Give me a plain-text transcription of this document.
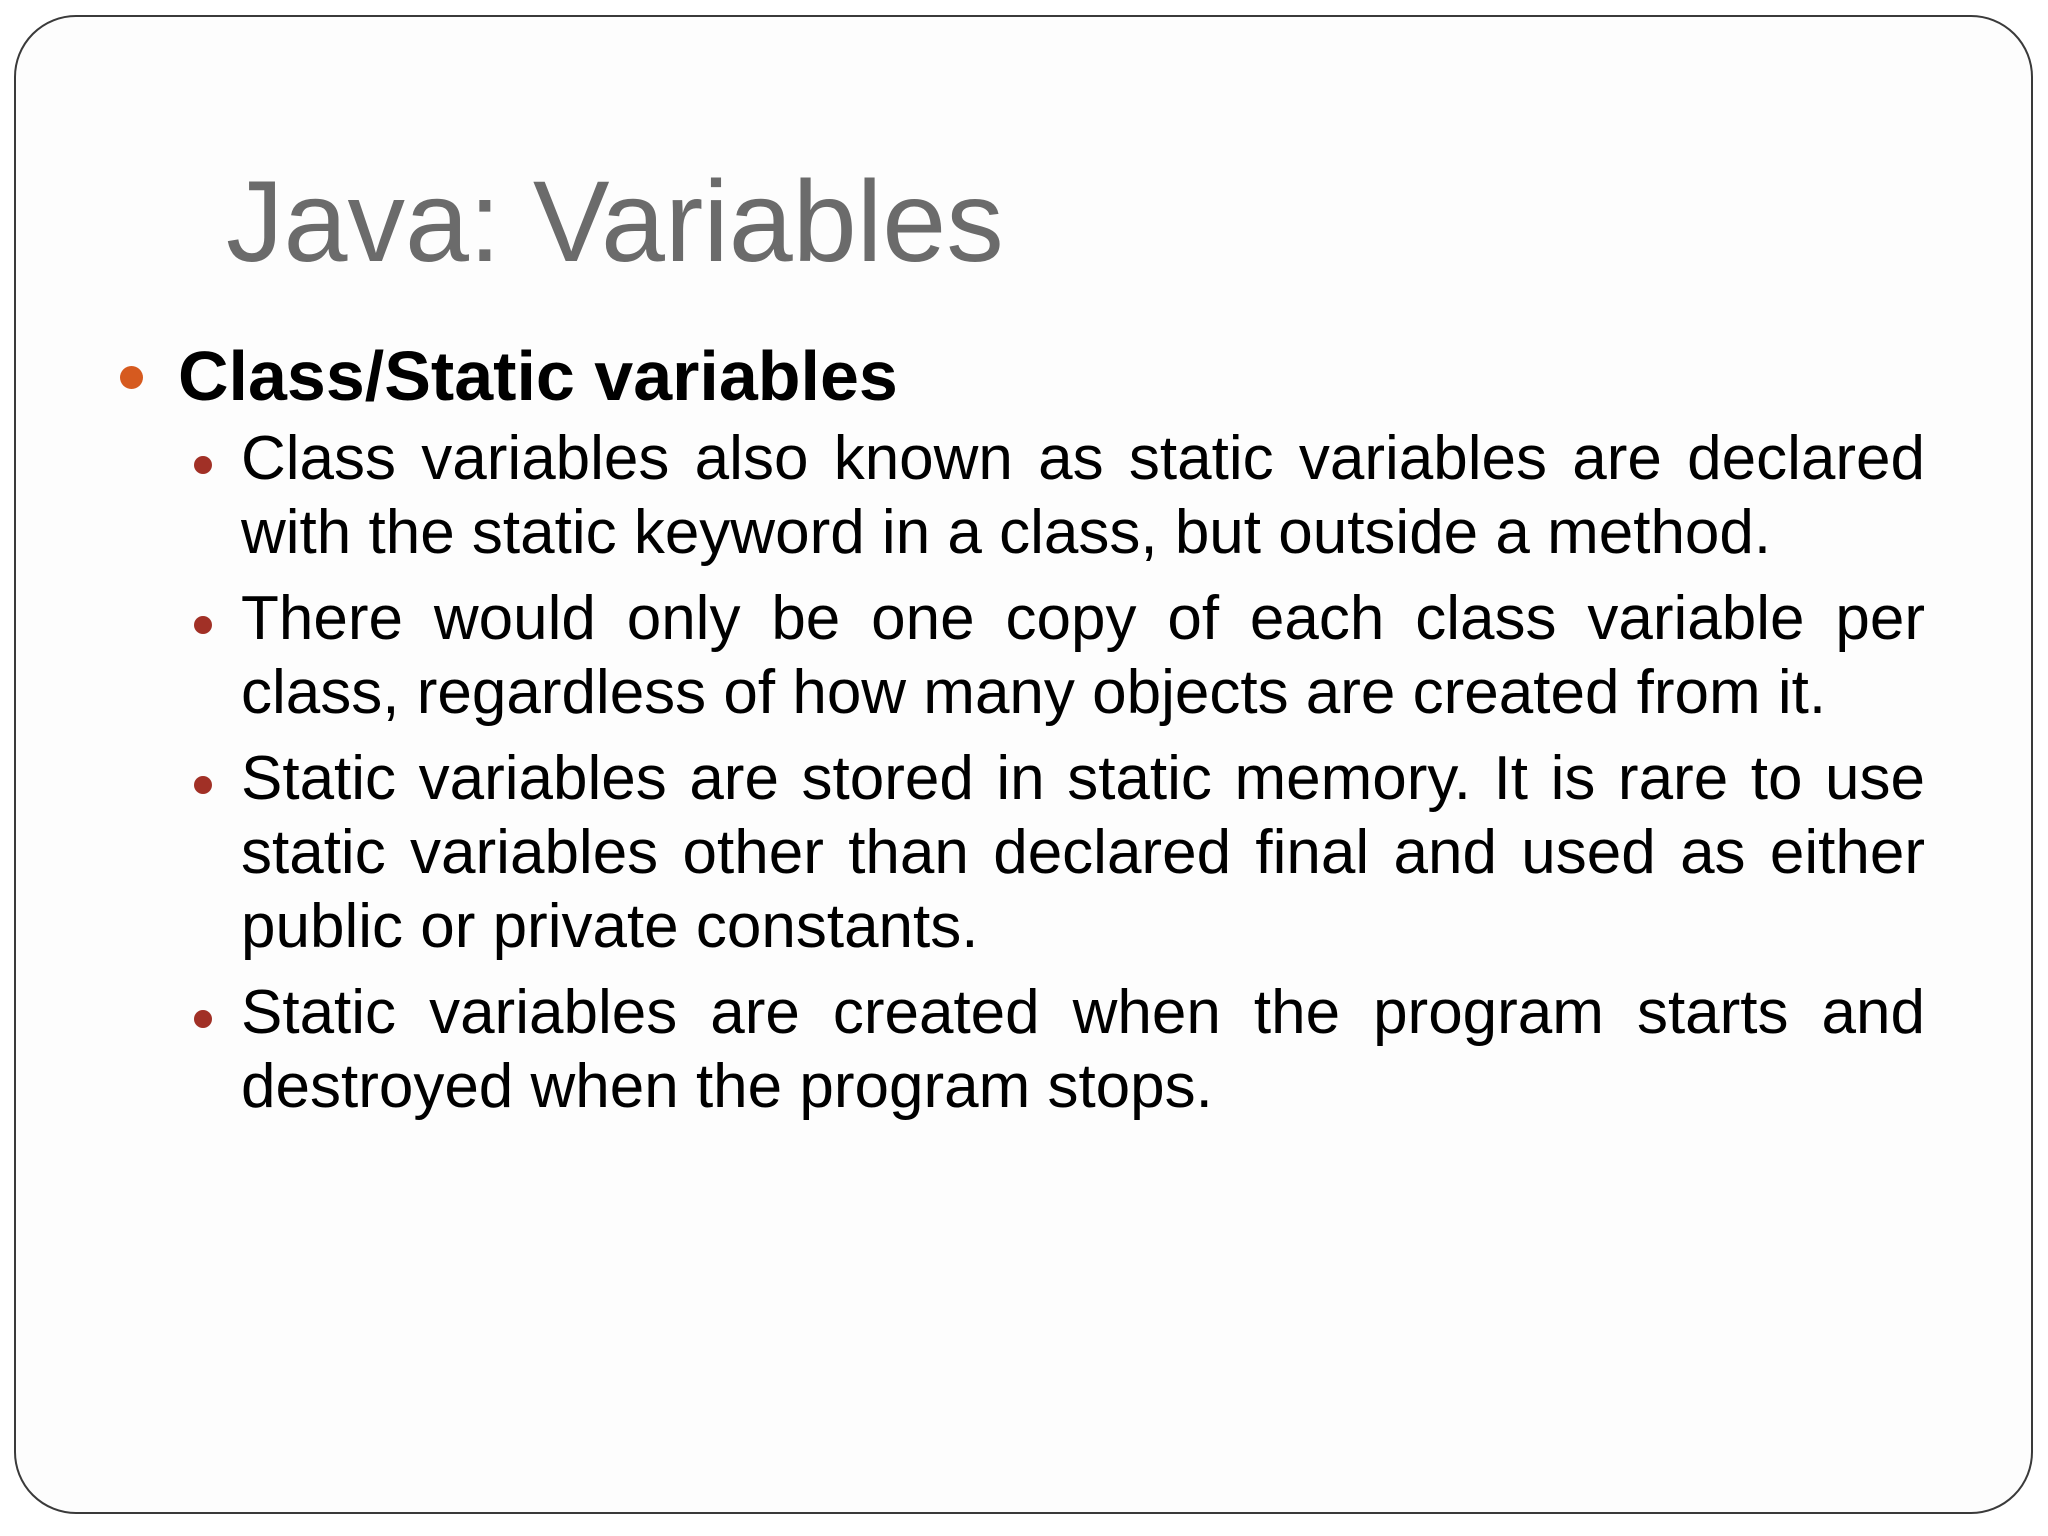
Java: Variables
Class/Static variables
Class variables also known as static variables are declared with the static keyword in a class, but outside a method.
There would only be one copy of each class variable per class, regardless of how many objects are created from it.
Static variables are stored in static memory. It is rare to use static variables other than declared final and used as either public or private constants.
Static variables are created when the program starts and destroyed when the program stops.
